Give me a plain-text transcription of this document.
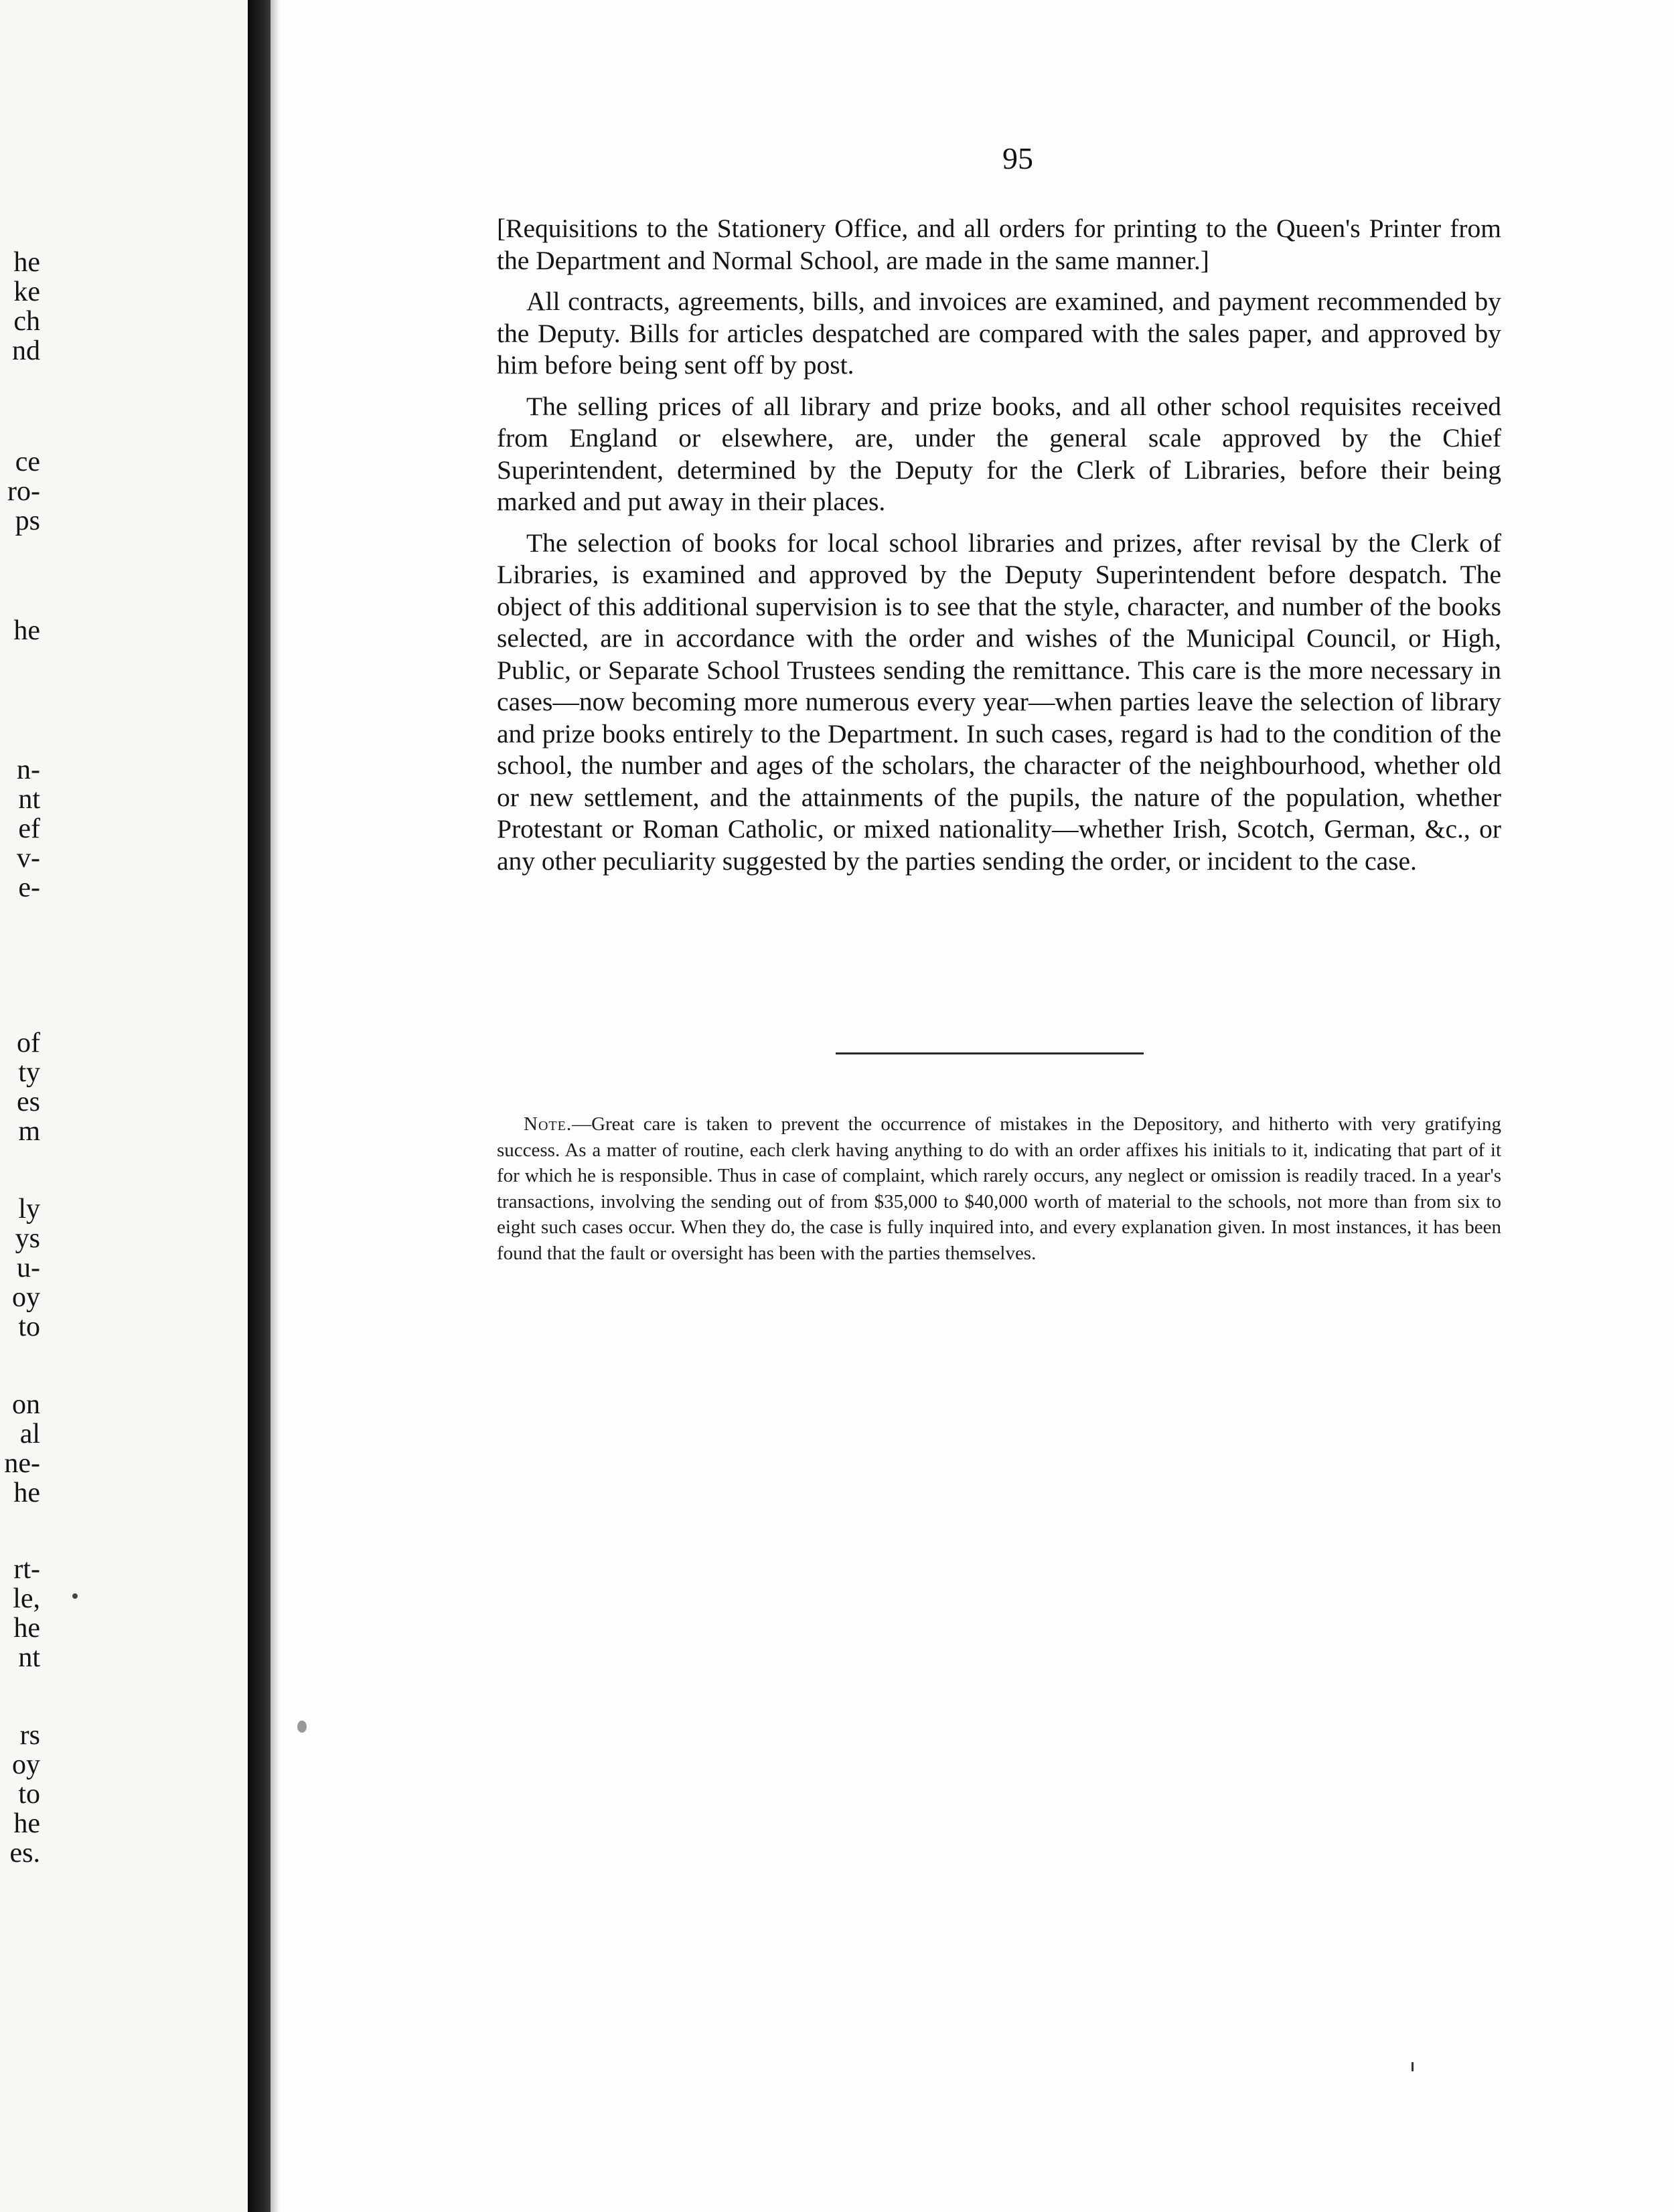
he
ke
ch
nd
ce
ro-
ps
he
n-
nt
ef
v-
e-
of
ty
es
m
ly
ys
u-
oy
to
on
al
ne-
he
rt-
le,
he
nt
rs
oy
to
he
es.
95

[Requisitions to the Stationery Office, and all orders for printing to the Queen's Printer from the Department and Normal School, are made in the same manner.]

All contracts, agreements, bills, and invoices are examined, and payment recommended by the Deputy. Bills for articles despatched are compared with the sales paper, and approved by him before being sent off by post.

The selling prices of all library and prize books, and all other school requisites received from England or elsewhere, are, under the general scale approved by the Chief Superintendent, determined by the Deputy for the Clerk of Libraries, before their being marked and put away in their places.

The selection of books for local school libraries and prizes, after revisal by the Clerk of Libraries, is examined and approved by the Deputy Superintendent before despatch. The object of this additional supervision is to see that the style, character, and number of the books selected, are in accordance with the order and wishes of the Municipal Council, or High, Public, or Separate School Trustees sending the remittance. This care is the more necessary in cases—now becoming more numerous every year—when parties leave the selection of library and prize books entirely to the Department. In such cases, regard is had to the condition of the school, the number and ages of the scholars, the character of the neighbourhood, whether old or new settlement, and the attainments of the pupils, the nature of the population, whether Protestant or Roman Catholic, or mixed nationality—whether Irish, Scotch, German, &c., or any other peculiarity suggested by the parties sending the order, or incident to the case.

Note.—Great care is taken to prevent the occurrence of mistakes in the Depository, and hitherto with very gratifying success. As a matter of routine, each clerk having anything to do with an order affixes his initials to it, indicating that part of it for which he is responsible. Thus in case of complaint, which rarely occurs, any neglect or omission is readily traced. In a year's transactions, involving the sending out of from $35,000 to $40,000 worth of material to the schools, not more than from six to eight such cases occur. When they do, the case is fully inquired into, and every explanation given. In most instances, it has been found that the fault or oversight has been with the parties themselves.
